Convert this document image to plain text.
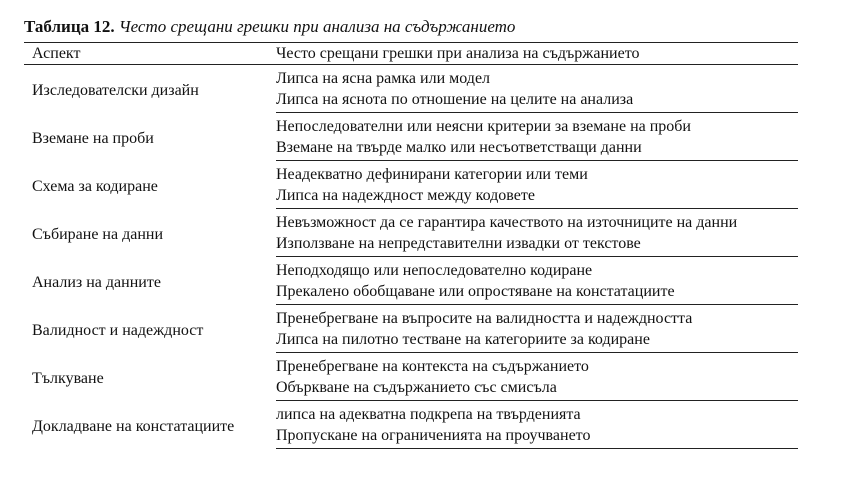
Таблица 12. Често срещани грешки при анализа на съдържанието
Аспект	Често срещани грешки при анализа на съдържанието
Изследователски дизайн	Липса на ясна рамка или модел
	Липса на яснота по отношение на целите на анализа
Вземане на проби	Непоследователни или неясни критерии за вземане на проби
	Вземане на твърде малко или несъответстващи данни
Схема за кодиране	Неадекватно дефинирани категории или теми
	Липса на надеждност между кодовете
Събиране на данни	Невъзможност да се гарантира качеството на източниците на данни
	Използване на непредставителни извадки от текстове
Анализ на данните	Неподходящо или непоследователно кодиране
	Прекалено обобщаване или опростяване на констатациите
Валидност и надеждност	Пренебрегване на въпросите на валидността и надеждността
	Липса на пилотно тестване на категориите за кодиране
Тълкуване	Пренебрегване на контекста на съдържанието
	Объркване на съдържанието със смисъла
Докладване на констатациите	липса на адекватна подкрепа на твърденията
	Пропускане на ограниченията на проучването
